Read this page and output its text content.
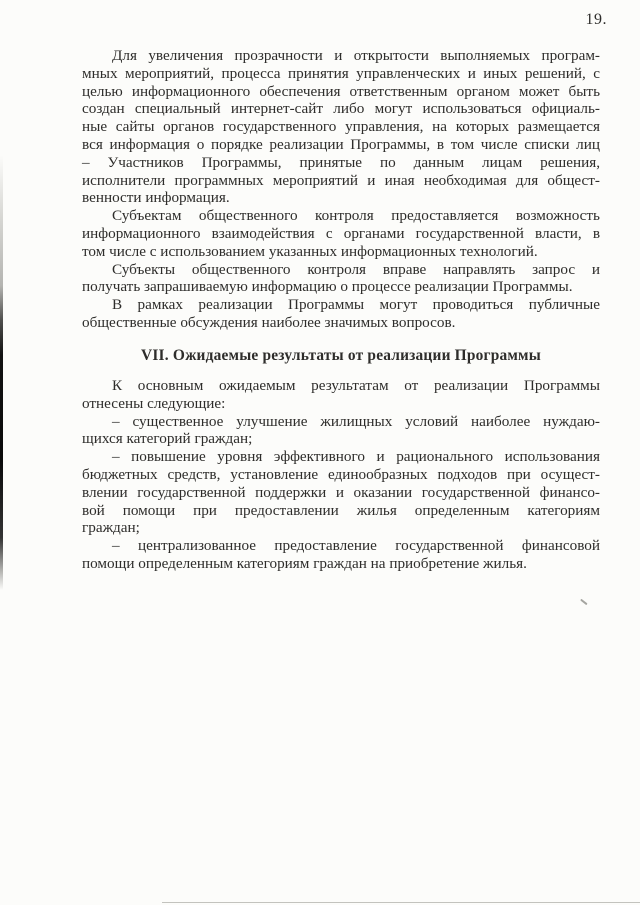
19.
Для увеличения прозрачности и открытости выполняемых програм-
мных мероприятий, процесса принятия управленческих и иных решений, с
целью информационного обеспечения ответственным органом может быть
создан специальный интернет-сайт либо могут использоваться официаль-
ные сайты органов государственного управления, на которых размещается
вся информация о порядке реализации Программы, в том числе списки лиц
– Участников Программы, принятые по данным лицам решения,
исполнители программных мероприятий и иная необходимая для общест-
венности информация.
Субъектам общественного контроля предоставляется возможность
информационного взаимодействия с органами государственной власти, в
том числе с использованием указанных информационных технологий.
Субъекты общественного контроля вправе направлять запрос и
получать запрашиваемую информацию о процессе реализации Программы.
В рамках реализации Программы могут проводиться публичные
общественные обсуждения наиболее значимых вопросов.
VII. Ожидаемые результаты от реализации Программы
К основным ожидаемым результатам от реализации Программы
отнесены следующие:
– существенное улучшение жилищных условий наиболее нуждаю-
щихся категорий граждан;
– повышение уровня эффективного и рационального использования
бюджетных средств, установление единообразных подходов при осущест-
влении государственной поддержки и оказании государственной финансо-
вой помощи при предоставлении жилья определенным категориям
граждан;
– централизованное предоставление государственной финансовой
помощи определенным категориям граждан на приобретение жилья.
